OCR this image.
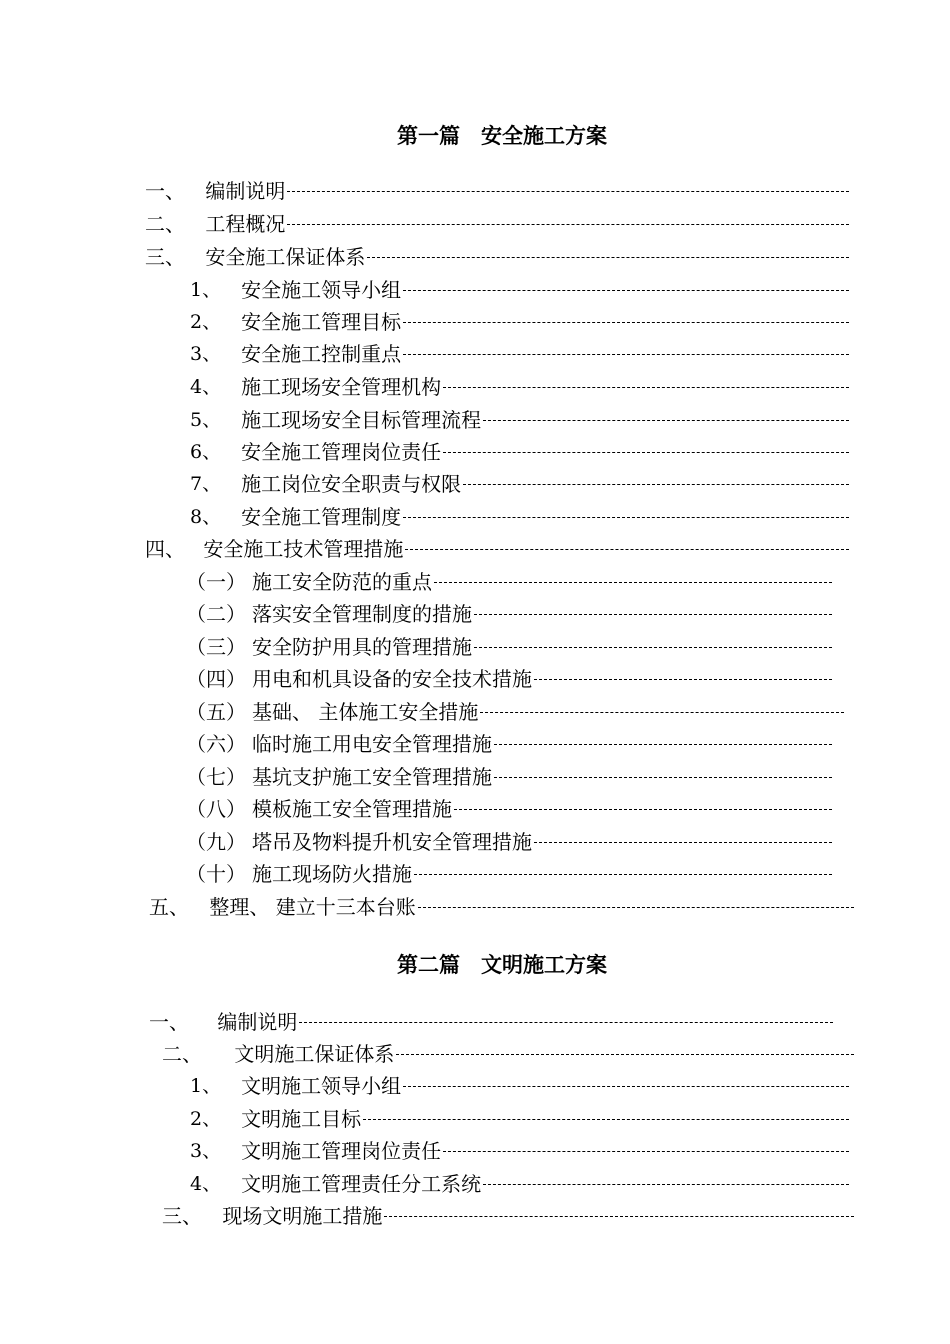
第一篇　安全施工方案
一、 编制说明
二、 工程概况
三、 安全施工保证体系
1、 安全施工领导小组
2、 安全施工管理目标
3、 安全施工控制重点
4、 施工现场安全管理机构
5、 施工现场安全目标管理流程
6、 安全施工管理岗位责任
7、 施工岗位安全职责与权限
8、 安全施工管理制度
四、 安全施工技术管理措施
（一） 施工安全防范的重点
（二） 落实安全管理制度的措施
（三） 安全防护用具的管理措施
（四） 用电和机具设备的安全技术措施
（五） 基础、 主体施工安全措施
（六） 临时施工用电安全管理措施
（七） 基坑支护施工安全管理措施
（八） 模板施工安全管理措施
（九） 塔吊及物料提升机安全管理措施
（十） 施工现场防火措施
五、 整理、 建立十三本台账
第二篇　文明施工方案
一、 编制说明
二、 文明施工保证体系
1、 文明施工领导小组
2、 文明施工目标
3、 文明施工管理岗位责任
4、 文明施工管理责任分工系统
三、 现场文明施工措施
